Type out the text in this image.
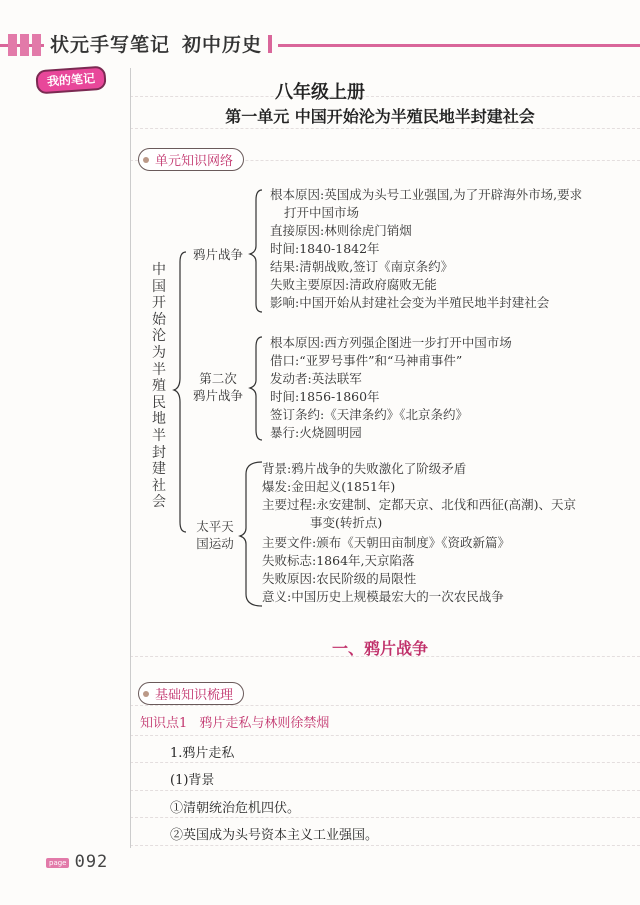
状元手写笔记 初中历史
我的笔记
八年级上册
第一单元 中国开始沦为半殖民地半封建社会
单元知识网络
中国开始沦为半殖民地半封建社会
鸦片战争
第二次
鸦片战争
太平天
国运动
根本原因:英国成为头号工业强国,为了开辟海外市场,要求
打开中国市场
直接原因:林则徐虎门销烟
时间:1840-1842年
结果:清朝战败,签订《南京条约》
失败主要原因:清政府腐败无能
影响:中国开始从封建社会变为半殖民地半封建社会
根本原因:西方列强企图进一步打开中国市场
借口:“亚罗号事件”和“马神甫事件”
发动者:英法联军
时间:1856-1860年
签订条约:《天津条约》《北京条约》
暴行:火烧圆明园
背景:鸦片战争的失败激化了阶级矛盾
爆发:金田起义(1851年)
主要过程:永安建制、定都天京、北伐和西征(高潮)、天京
事变(转折点)
主要文件:颁布《天朝田亩制度》《资政新篇》
失败标志:1864年,天京陷落
失败原因:农民阶级的局限性
意义:中国历史上规模最宏大的一次农民战争
一、鸦片战争
基础知识梳理
知识点1 鸦片走私与林则徐禁烟
1.鸦片走私
(1)背景
①清朝统治危机四伏。
②英国成为头号资本主义工业强国。
page 092
